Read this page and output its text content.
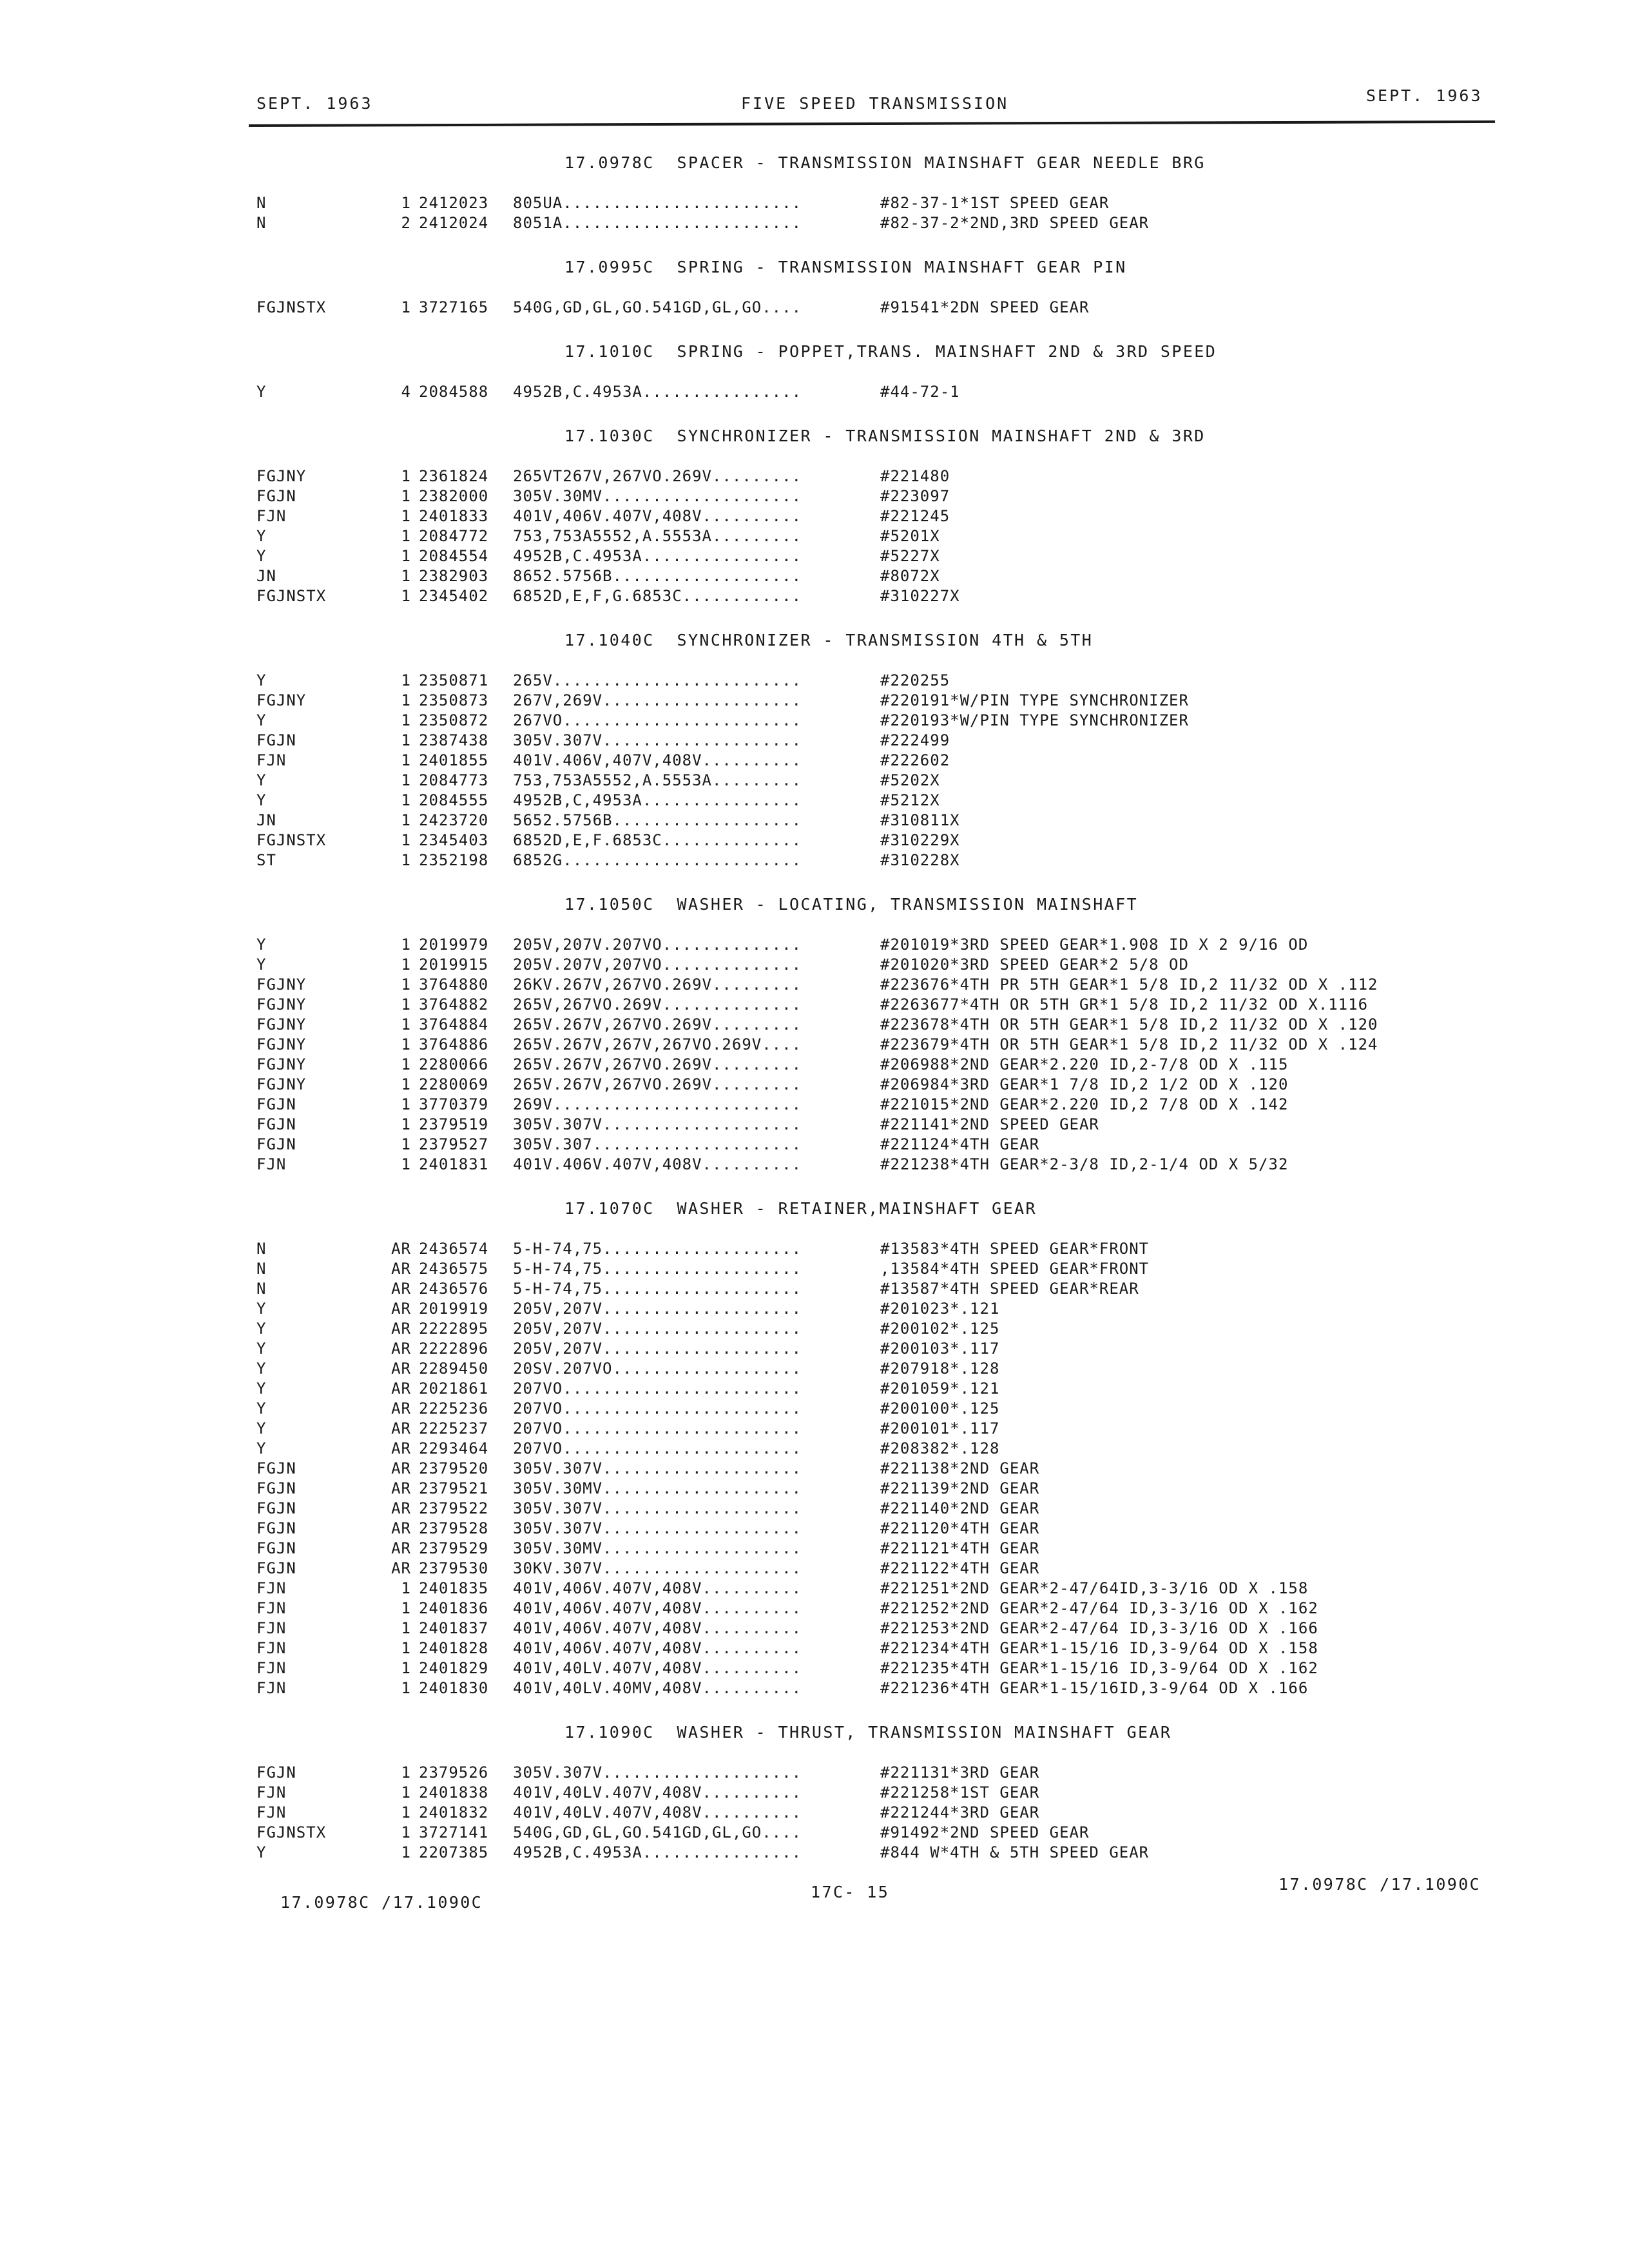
SEPT. 1963	FIVE SPEED TRANSMISSION	SEPT. 1963
17.0978C  SPACER - TRANSMISSION MAINSHAFT GEAR NEEDLE BRG
N	1 2412023 805UA........................	#82-37-1*1ST SPEED GEAR
N	2 2412024 8051A........................	#82-37-2*2ND,3RD SPEED GEAR
17.0995C  SPRING - TRANSMISSION MAINSHAFT GEAR PIN
FGJNSTX	1 3727165 540G,GD,GL,GO.541GD,GL,GO....	#91541*2DN SPEED GEAR
17.1010C  SPRING - POPPET,TRANS. MAINSHAFT 2ND & 3RD SPEED
Y	4 2084588 4952B,C.4953A................	#44-72-1
17.1030C  SYNCHRONIZER - TRANSMISSION MAINSHAFT 2ND & 3RD
FGJNY	1 2361824 265VT267V,267VO.269V.........	#221480
FGJN	1 2382000 305V.30MV....................	#223097
FJN	1 2401833 401V,406V.407V,408V..........	#221245
Y	1 2084772 753,753A5552,A.5553A.........	#5201X
Y	1 2084554 4952B,C.4953A................	#5227X
JN	1 2382903 8652.5756B...................	#8072X
FGJNSTX	1 2345402 6852D,E,F,G.6853C............	#310227X
17.1040C  SYNCHRONIZER - TRANSMISSION 4TH & 5TH
Y	1 2350871 265V.........................	#220255
FGJNY	1 2350873 267V,269V....................	#220191*W/PIN TYPE SYNCHRONIZER
Y	1 2350872 267VO........................	#220193*W/PIN TYPE SYNCHRONIZER
FGJN	1 2387438 305V.307V....................	#222499
FJN	1 2401855 401V.406V,407V,408V..........	#222602
Y	1 2084773 753,753A5552,A.5553A.........	#5202X
Y	1 2084555 4952B,C,4953A................	#5212X
JN	1 2423720 5652.5756B...................	#310811X
FGJNSTX	1 2345403 6852D,E,F.6853C..............	#310229X
ST	1 2352198 6852G........................	#310228X
17.1050C  WASHER - LOCATING, TRANSMISSION MAINSHAFT
Y	1 2019979 205V,207V.207VO..............	#201019*3RD SPEED GEAR*1.908 ID X 2 9/16 OD
Y	1 2019915 205V.207V,207VO..............	#201020*3RD SPEED GEAR*2 5/8 OD
FGJNY	1 3764880 26KV.267V,267VO.269V.........	#223676*4TH PR 5TH GEAR*1 5/8 ID,2 11/32 OD X .112
FGJNY	1 3764882 265V,267VO.269V..............	#2263677*4TH OR 5TH GR*1 5/8 ID,2 11/32 OD X.1116
FGJNY	1 3764884 265V.267V,267VO.269V.........	#223678*4TH OR 5TH GEAR*1 5/8 ID,2 11/32 OD X .120
FGJNY	1 3764886 265V.267V,267V,267VO.269V....	#223679*4TH OR 5TH GEAR*1 5/8 ID,2 11/32 OD X .124
FGJNY	1 2280066 265V.267V,267VO.269V.........	#206988*2ND GEAR*2.220 ID,2-7/8 OD X .115
FGJNY	1 2280069 265V.267V,267VO.269V.........	#206984*3RD GEAR*1 7/8 ID,2 1/2 OD X .120
FGJN	1 3770379 269V.........................	#221015*2ND GEAR*2.220 ID,2 7/8 OD X .142
FGJN	1 2379519 305V.307V....................	#221141*2ND SPEED GEAR
FGJN	1 2379527 305V.307.....................	#221124*4TH GEAR
FJN	1 2401831 401V.406V.407V,408V..........	#221238*4TH GEAR*2-3/8 ID,2-1/4 OD X 5/32
17.1070C  WASHER - RETAINER,MAINSHAFT GEAR
N	AR 2436574 5-H-74,75....................	#13583*4TH SPEED GEAR*FRONT
N	AR 2436575 5-H-74,75....................	,13584*4TH SPEED GEAR*FRONT
N	AR 2436576 5-H-74,75....................	#13587*4TH SPEED GEAR*REAR
Y	AR 2019919 205V,207V....................	#201023*.121
Y	AR 2222895 205V,207V....................	#200102*.125
Y	AR 2222896 205V,207V....................	#200103*.117
Y	AR 2289450 20SV.207VO...................	#207918*.128
Y	AR 2021861 207VO........................	#201059*.121
Y	AR 2225236 207VO........................	#200100*.125
Y	AR 2225237 207VO........................	#200101*.117
Y	AR 2293464 207VO........................	#208382*.128
FGJN	AR 2379520 305V.307V....................	#221138*2ND GEAR
FGJN	AR 2379521 305V.30MV....................	#221139*2ND GEAR
FGJN	AR 2379522 305V.307V....................	#221140*2ND GEAR
FGJN	AR 2379528 305V.307V....................	#221120*4TH GEAR
FGJN	AR 2379529 305V.30MV....................	#221121*4TH GEAR
FGJN	AR 2379530 30KV.307V....................	#221122*4TH GEAR
FJN	1 2401835 401V,406V.407V,408V..........	#221251*2ND GEAR*2-47/64ID,3-3/16 OD X .158
FJN	1 2401836 401V,406V.407V,408V..........	#221252*2ND GEAR*2-47/64 ID,3-3/16 OD X .162
FJN	1 2401837 401V,406V.407V,408V..........	#221253*2ND GEAR*2-47/64 ID,3-3/16 OD X .166
FJN	1 2401828 401V,406V.407V,408V..........	#221234*4TH GEAR*1-15/16 ID,3-9/64 OD X .158
FJN	1 2401829 401V,40LV.407V,408V..........	#221235*4TH GEAR*1-15/16 ID,3-9/64 OD X .162
FJN	1 2401830 401V,40LV.40MV,408V..........	#221236*4TH GEAR*1-15/16ID,3-9/64 OD X .166
17.1090C  WASHER - THRUST, TRANSMISSION MAINSHAFT GEAR
FGJN	1 2379526 305V.307V....................	#221131*3RD GEAR
FJN	1 2401838 401V,40LV.407V,408V..........	#221258*1ST GEAR
FJN	1 2401832 401V,40LV.407V,408V..........	#221244*3RD GEAR
FGJNSTX	1 3727141 540G,GD,GL,GO.541GD,GL,GO....	#91492*2ND SPEED GEAR
Y	1 2207385 4952B,C.4953A................	#844 W*4TH & 5TH SPEED GEAR
17.0978C /17.1090C
17C- 15	17.0978C /17.1090C
